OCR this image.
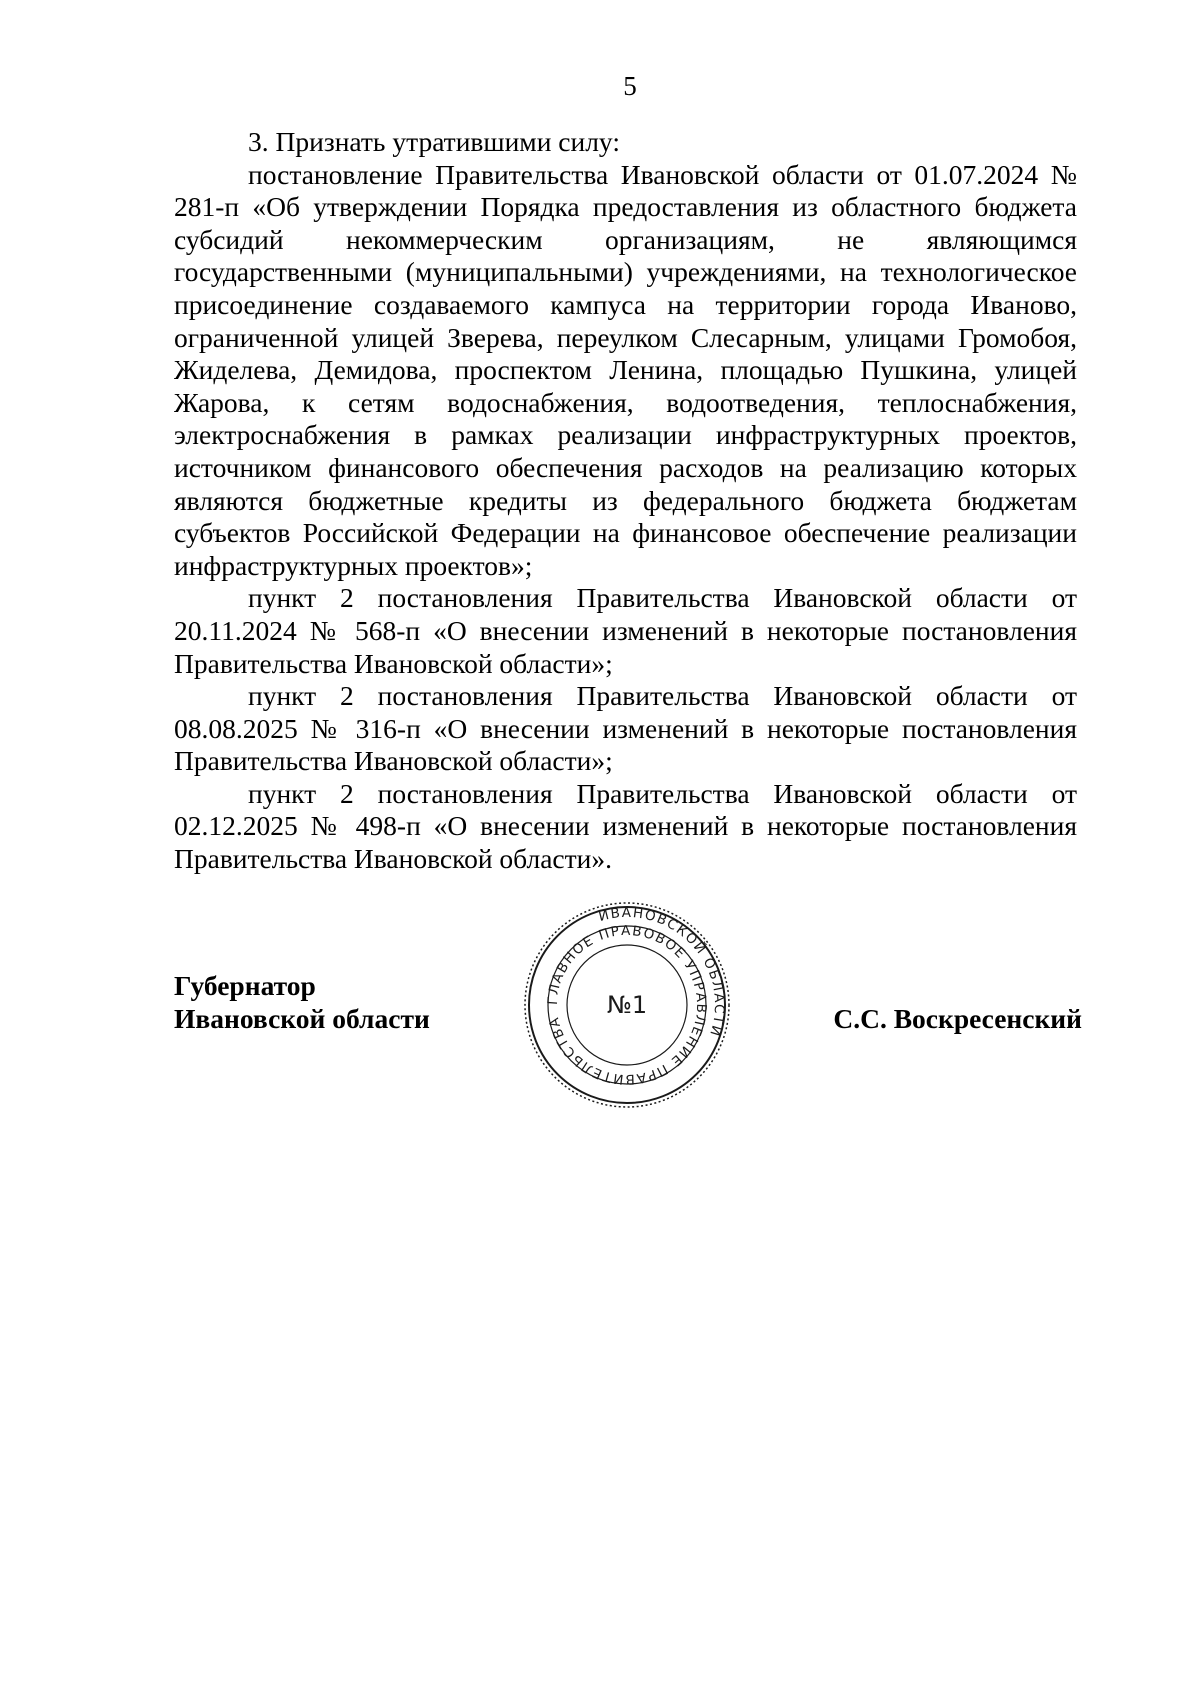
5

3. Признать утратившими силу:

постановление Правительства Ивановской области от 01.07.2024 № 281-п «Об утверждении Порядка предоставления из областного бюджета субсидий некоммерческим организациям, не являющимся государственными (муниципальными) учреждениями, на технологическое присоединение создаваемого кампуса на территории города Иваново, ограниченной улицей Зверева, переулком Слесарным, улицами Громобоя, Жиделева, Демидова, проспектом Ленина, площадью Пушкина, улицей Жарова, к сетям водоснабжения, водоотведения, теплоснабжения, электроснабжения в рамках реализации инфраструктурных проектов, источником финансового обеспечения расходов на реализацию которых являются бюджетные кредиты из федерального бюджета бюджетам субъектов Российской Федерации на финансовое обеспечение реализации инфраструктурных проектов»;

пункт 2 постановления Правительства Ивановской области от 20.11.2024 № 568-п «О внесении изменений в некоторые постановления Правительства Ивановской области»;

пункт 2 постановления Правительства Ивановской области от 08.08.2025 № 316-п «О внесении изменений в некоторые постановления Правительства Ивановской области»;

пункт 2 постановления Правительства Ивановской области от 02.12.2025 № 498-п «О внесении изменений в некоторые постановления Правительства Ивановской области».

Губернатор
Ивановской области
ИВАНОВСКОЙ ОБЛАСТИ
ГЛАВНОЕ ПРАВОВОЕ УПРАВЛЕНИЕ ПРАВИТЕЛЬСТВА
№1	С.С. Воскресенский
